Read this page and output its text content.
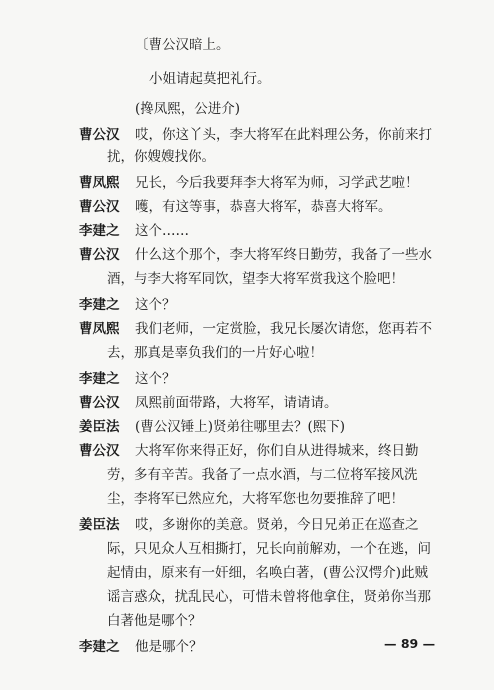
〔曹公汉暗上。

小姐请起莫把礼行。

(搀凤熙，公进介)

曹公汉 哎，你这丫头，李大将军在此料理公务，你前来打

扰，你嫂嫂找你。

曹凤熙 兄长，今后我要拜李大将军为师，习学武艺啦！
曹公汉 嚄，有这等事，恭喜大将军，恭喜大将军。
李建之 这个……
曹公汉 什么这个那个，李大将军终日勤劳，我备了一些水

酒，与李大将军同饮，望李大将军赏我这个脸吧！

李建之 这个？
曹凤熙 我们老师，一定赏脸，我兄长屡次请您，您再若不

去，那真是辜负我们的一片好心啦！

李建之 这个？
曹公汉 凤熙前面带路，大将军，请请请。
姜臣法 (曹公汉锤上)贤弟往哪里去？(熙下)
曹公汉 大将军你来得正好，你们自从进得城来，终日勤

劳，多有辛苦。我备了一点水酒，与二位将军接风洗

尘，李将军已然应允，大将军您也勿要推辞了吧！

姜臣法 哎，多谢你的美意。贤弟，今日兄弟正在巡查之

际，只见众人互相撕打，兄长向前解劝，一个在逃，问

起情由，原来有一奸细，名唤白著，(曹公汉愕介)此贼

谣言惑众，扰乱民心，可惜未曾将他拿住，贤弟你当那

白著他是哪个？

李建之 他是哪个？	— 89 —
